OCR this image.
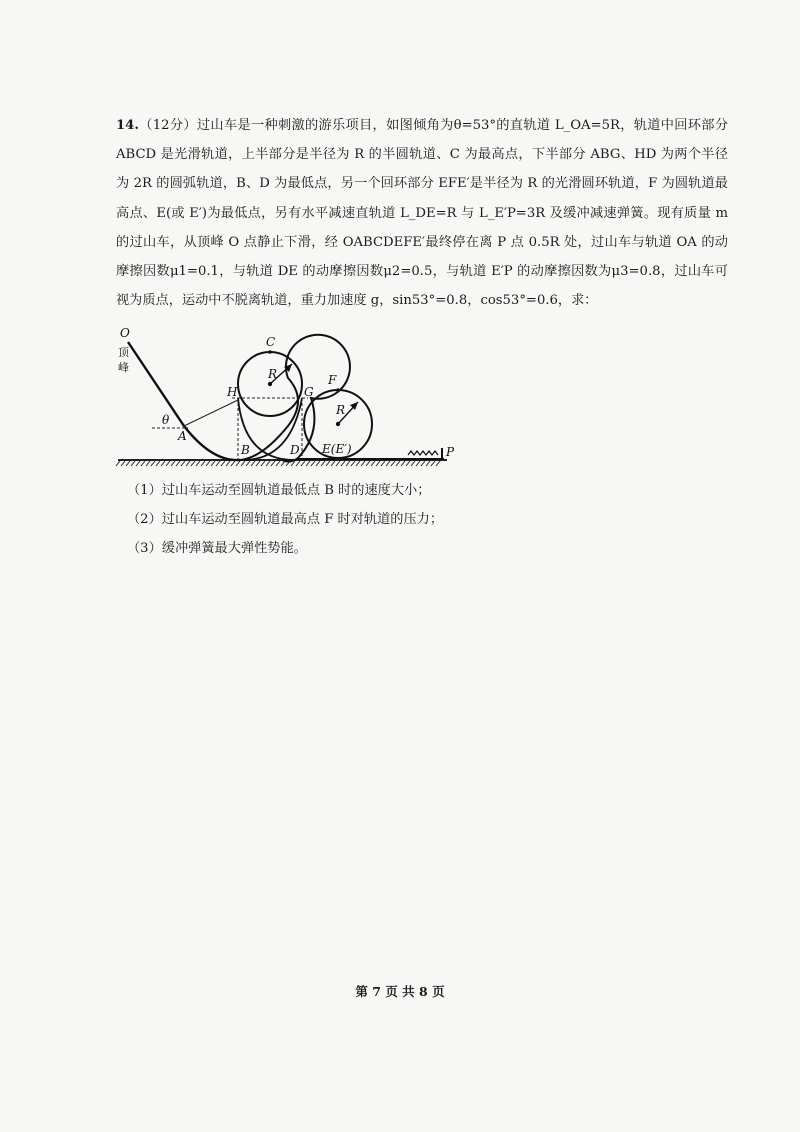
14.（12分）过山车是一种刺激的游乐项目，如图倾角为θ=53°的直轨道 L_OA=5R，轨道中回环部分 ABCD 是光滑轨道，上半部分是半径为 R 的半圆轨道、C 为最高点，下半部分 ABG、HD 为两个半径为 2R 的圆弧轨道，B、D 为最低点，另一个回环部分 EFE′是半径为 R 的光滑圆环轨道，F 为圆轨道最高点、E(或 E′)为最低点，另有水平减速直轨道 L_DE=R 与 L_E′P=3R 及缓冲减速弹簧。现有质量 m 的过山车，从顶峰 O 点静止下滑，经 OABCDEFE′最终停在离 P 点 0.5R 处，过山车与轨道 OA 的动摩擦因数μ1=0.1，与轨道 DE 的动摩擦因数μ2=0.5，与轨道 E′P 的动摩擦因数为μ3=0.8，过山车可视为质点，运动中不脱离轨道，重力加速度 g，sin53°=0.8，cos53°=0.6，求：
O
顶
峰
θ
A
B
C
H	G
R
D
F
R
E(E′)	P
（1）过山车运动至圆轨道最低点 B 时的速度大小；
（2）过山车运动至圆轨道最高点 F 时对轨道的压力；
（3）缓冲弹簧最大弹性势能。
第 7 页 共 8 页
